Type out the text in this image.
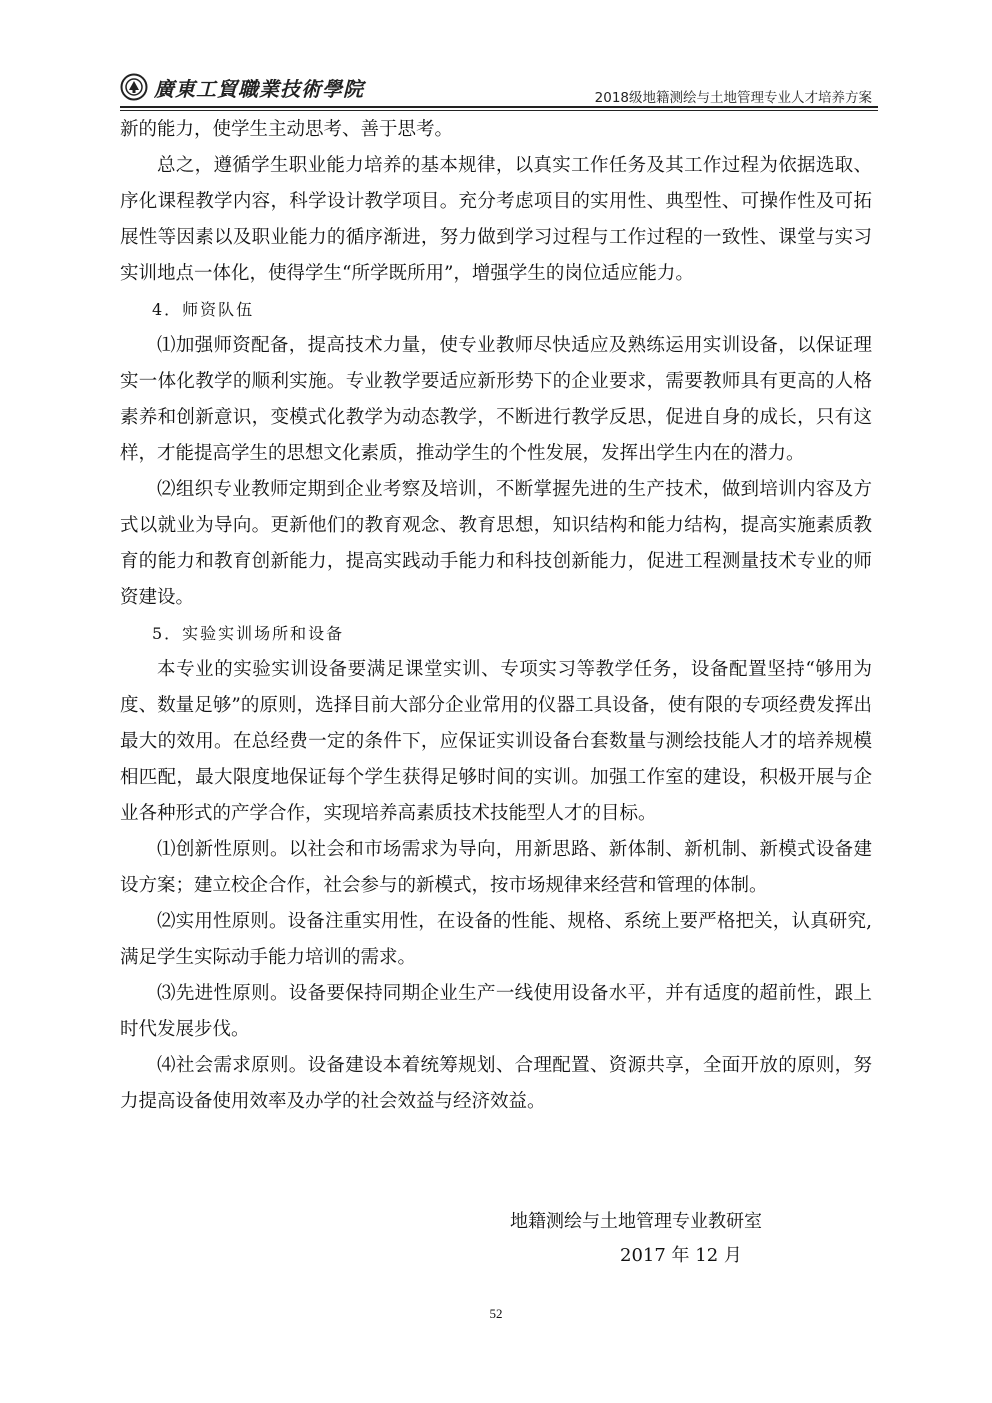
廣東工貿職業技術學院	2018级地籍测绘与土地管理专业人才培养方案

新的能力，使学生主动思考、善于思考。

总之，遵循学生职业能力培养的基本规律，以真实工作任务及其工作过程为依据选取、序化课程教学内容，科学设计教学项目。充分考虑项目的实用性、典型性、可操作性及可拓展性等因素以及职业能力的循序渐进，努力做到学习过程与工作过程的一致性、课堂与实习实训地点一体化，使得学生“所学既所用”，增强学生的岗位适应能力。

4．师资队伍

⑴加强师资配备，提高技术力量，使专业教师尽快适应及熟练运用实训设备，以保证理实一体化教学的顺利实施。专业教学要适应新形势下的企业要求，需要教师具有更高的人格素养和创新意识，变模式化教学为动态教学，不断进行教学反思，促进自身的成长，只有这样，才能提高学生的思想文化素质，推动学生的个性发展，发挥出学生内在的潜力。

⑵组织专业教师定期到企业考察及培训，不断掌握先进的生产技术，做到培训内容及方式以就业为导向。更新他们的教育观念、教育思想，知识结构和能力结构，提高实施素质教育的能力和教育创新能力，提高实践动手能力和科技创新能力，促进工程测量技术专业的师资建设。

5．实验实训场所和设备

本专业的实验实训设备要满足课堂实训、专项实习等教学任务，设备配置坚持“够用为度、数量足够”的原则，选择目前大部分企业常用的仪器工具设备，使有限的专项经费发挥出最大的效用。在总经费一定的条件下，应保证实训设备台套数量与测绘技能人才的培养规模相匹配，最大限度地保证每个学生获得足够时间的实训。加强工作室的建设，积极开展与企业各种形式的产学合作，实现培养高素质技术技能型人才的目标。

⑴创新性原则。以社会和市场需求为导向，用新思路、新体制、新机制、新模式设备建设方案；建立校企合作，社会参与的新模式，按市场规律来经营和管理的体制。

⑵实用性原则。设备注重实用性，在设备的性能、规格、系统上要严格把关，认真研究,满足学生实际动手能力培训的需求。

⑶先进性原则。设备要保持同期企业生产一线使用设备水平，并有适度的超前性，跟上时代发展步伐。

⑷社会需求原则。设备建设本着统筹规划、合理配置、资源共享，全面开放的原则，努力提高设备使用效率及办学的社会效益与经济效益。

地籍测绘与土地管理专业教研室
2017 年 12 月
52
